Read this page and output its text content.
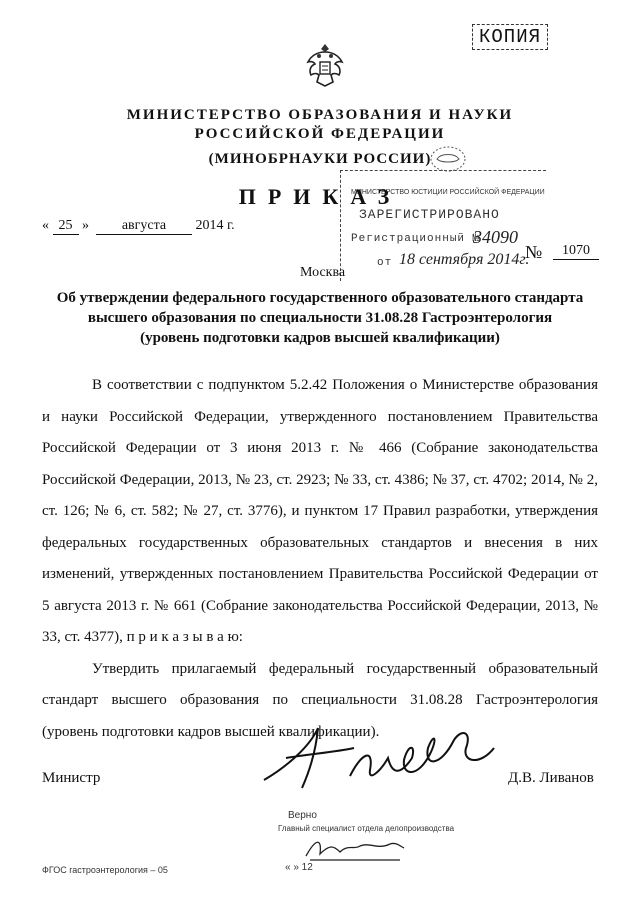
КОПИЯ
МИНИСТЕРСТВО ОБРАЗОВАНИЯ И НАУКИ
РОССИЙСКОЙ ФЕДЕРАЦИИ
(МИНОБРНАУКИ РОССИИ)
МИНИСТЕРСТВО ЮСТИЦИИ РОССИЙСКОЙ ФЕДЕРАЦИИ
ЗАРЕГИСТРИРОВАНО
Регистрационный №
34090
от 18 сентября 2014г.
ПРИКАЗ
« 25 » августа 2014 г.
№	1070
Москва
Об утверждении федерального государственного образовательного стандарта
высшего образования по специальности 31.08.28 Гастроэнтерология
(уровень подготовки кадров высшей квалификации)

В соответствии с подпунктом 5.2.42 Положения о Министерстве образования и науки Российской Федерации, утвержденного постановлением Правительства Российской Федерации от 3 июня 2013 г. № 466 (Собрание законодательства Российской Федерации, 2013, № 23, ст. 2923; № 33, ст. 4386; № 37, ст. 4702; 2014, № 2, ст. 126; № 6, ст. 582; № 27, ст. 3776), и пунктом 17 Правил разработки, утверждения федеральных государственных образовательных стандартов и внесения в них изменений, утвержденных постановлением Правительства Российской Федерации от 5 августа 2013 г. № 661 (Собрание законодательства Российской Федерации, 2013, № 33, ст. 4377), п р и к а з ы в а ю:

Утвердить прилагаемый федеральный государственный образовательный стандарт высшего образования по специальности 31.08.28 Гастроэнтерология (уровень подготовки кадров высшей квалификации).

Министр	Д.В. Ливанов
Верно
Главный специалист отдела делопроизводства
« » 12
ФГОС гастроэнтерология – 05
